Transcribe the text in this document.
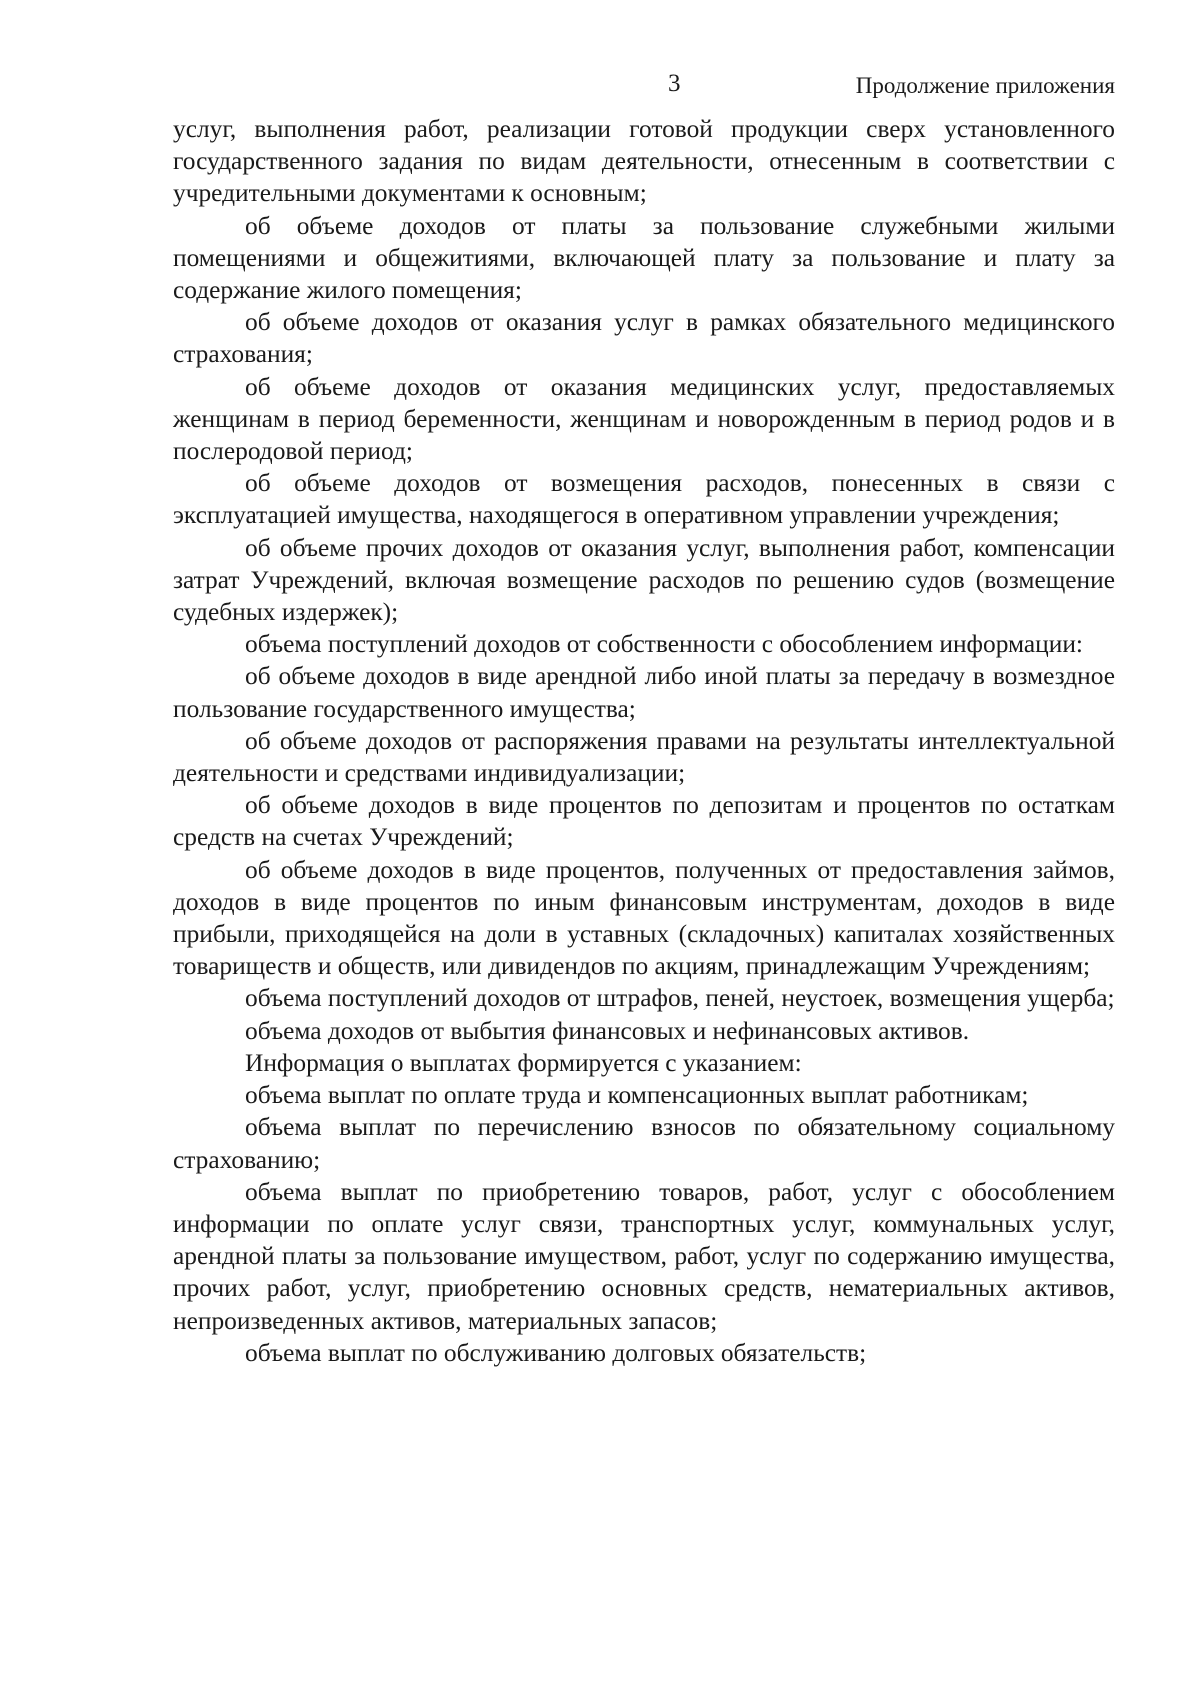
3	Продолжение приложения

услуг, выполнения работ, реализации готовой продукции сверх установленного государственного задания по видам деятельности, отнесенным в соответствии с учредительными документами к основным;

об объеме доходов от платы за пользование служебными жилыми помещениями и общежитиями, включающей плату за пользование и плату за содержание жилого помещения;

об объеме доходов от оказания услуг в рамках обязательного медицинского страхования;

об объеме доходов от оказания медицинских услуг, предоставляемых женщинам в период беременности, женщинам и новорожденным в период родов и в послеродовой период;

об объеме доходов от возмещения расходов, понесенных в связи с эксплуатацией имущества, находящегося в оперативном управлении учреждения;

об объеме прочих доходов от оказания услуг, выполнения работ, компенсации затрат Учреждений, включая возмещение расходов по решению судов (возмещение судебных издержек);

объема поступлений доходов от собственности с обособлением информации:

об объеме доходов в виде арендной либо иной платы за передачу в возмездное пользование государственного имущества;

об объеме доходов от распоряжения правами на результаты интеллектуальной деятельности и средствами индивидуализации;

об объеме доходов в виде процентов по депозитам и процентов по остаткам средств на счетах Учреждений;

об объеме доходов в виде процентов, полученных от предоставления займов, доходов в виде процентов по иным финансовым инструментам, доходов в виде прибыли, приходящейся на доли в уставных (складочных) капиталах хозяйственных товариществ и обществ, или дивидендов по акциям, принадлежащим Учреждениям;

объема поступлений доходов от штрафов, пеней, неустоек, возмещения ущерба;

объема доходов от выбытия финансовых и нефинансовых активов.

Информация о выплатах формируется с указанием:

объема выплат по оплате труда и компенсационных выплат работникам;

объема выплат по перечислению взносов по обязательному социальному страхованию;

объема выплат по приобретению товаров, работ, услуг с обособлением информации по оплате услуг связи, транспортных услуг, коммунальных услуг, арендной платы за пользование имуществом, работ, услуг по содержанию имущества, прочих работ, услуг, приобретению основных средств, нематериальных активов, непроизведенных активов, материальных запасов;

объема выплат по обслуживанию долговых обязательств;
